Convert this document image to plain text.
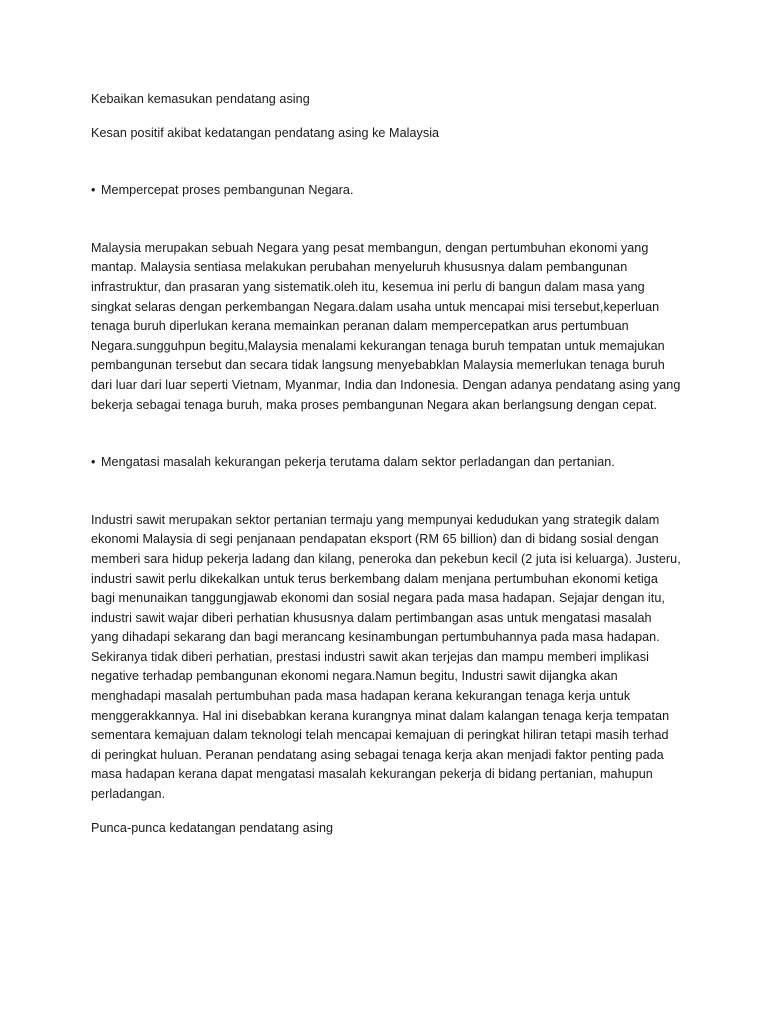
Kebaikan kemasukan pendatang asing

Kesan positif akibat kedatangan pendatang asing ke Malaysia

• Mempercepat proses pembangunan Negara.

Malaysia merupakan sebuah Negara yang pesat membangun, dengan pertumbuhan ekonomi yang mantap. Malaysia sentiasa melakukan perubahan menyeluruh khususnya dalam pembangunan infrastruktur, dan prasaran yang sistematik.oleh itu, kesemua ini perlu di bangun dalam masa yang singkat selaras dengan perkembangan Negara.dalam usaha untuk mencapai misi tersebut,keperluan tenaga buruh diperlukan kerana memainkan peranan dalam mempercepatkan arus pertumbuan Negara.sungguhpun begitu,Malaysia menalami kekurangan tenaga buruh tempatan untuk memajukan pembangunan tersebut dan secara tidak langsung menyebabklan Malaysia memerlukan tenaga buruh dari luar dari luar seperti Vietnam, Myanmar, India dan Indonesia. Dengan adanya pendatang asing yang bekerja sebagai tenaga buruh, maka proses pembangunan Negara akan berlangsung dengan cepat.

• Mengatasi masalah kekurangan pekerja terutama dalam sektor perladangan dan pertanian.

Industri sawit merupakan sektor pertanian termaju yang mempunyai kedudukan yang strategik dalam ekonomi Malaysia di segi penjanaan pendapatan eksport (RM 65 billion) dan di bidang sosial dengan memberi sara hidup pekerja ladang dan kilang, peneroka dan pekebun kecil (2 juta isi keluarga). Justeru, industri sawit perlu dikekalkan untuk terus berkembang dalam menjana pertumbuhan ekonomi ketiga bagi menunaikan tanggungjawab ekonomi dan sosial negara pada masa hadapan. Sejajar dengan itu, industri sawit wajar diberi perhatian khususnya dalam pertimbangan asas untuk mengatasi masalah yang dihadapi sekarang dan bagi merancang kesinambungan pertumbuhannya pada masa hadapan. Sekiranya tidak diberi perhatian, prestasi industri sawit akan terjejas dan mampu memberi implikasi negative terhadap pembangunan ekonomi negara.Namun begitu, Industri sawit dijangka akan menghadapi masalah pertumbuhan pada masa hadapan kerana kekurangan tenaga kerja untuk menggerakkannya. Hal ini disebabkan kerana kurangnya minat dalam kalangan tenaga kerja tempatan sementara kemajuan dalam teknologi telah mencapai kemajuan di peringkat hiliran tetapi masih terhad di peringkat huluan. Peranan pendatang asing sebagai tenaga kerja akan menjadi faktor penting pada masa hadapan kerana dapat mengatasi masalah kekurangan pekerja di bidang pertanian, mahupun perladangan.

Punca-punca kedatangan pendatang asing
